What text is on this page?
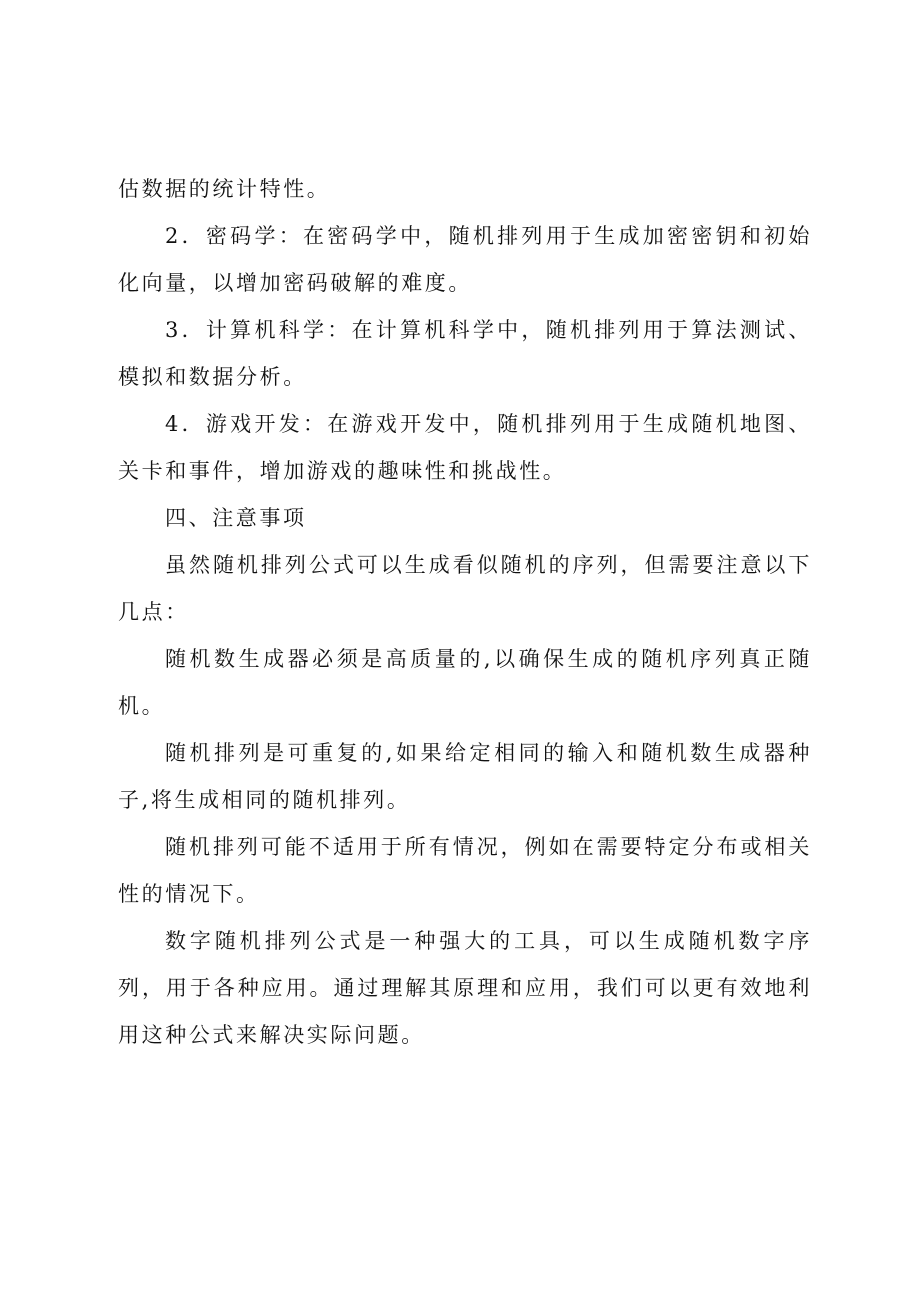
估数据的统计特性。

2．密码学：在密码学中，随机排列用于生成加密密钥和初始化向量，以增加密码破解的难度。

3．计算机科学：在计算机科学中，随机排列用于算法测试、模拟和数据分析。

4．游戏开发：在游戏开发中，随机排列用于生成随机地图、关卡和事件，增加游戏的趣味性和挑战性。

四、注意事项

虽然随机排列公式可以生成看似随机的序列，但需要注意以下几点：

随机数生成器必须是高质量的,以确保生成的随机序列真正随机。

随机排列是可重复的,如果给定相同的输入和随机数生成器种子,将生成相同的随机排列。

随机排列可能不适用于所有情况，例如在需要特定分布或相关性的情况下。

数字随机排列公式是一种强大的工具，可以生成随机数字序列，用于各种应用。通过理解其原理和应用，我们可以更有效地利用这种公式来解决实际问题。
